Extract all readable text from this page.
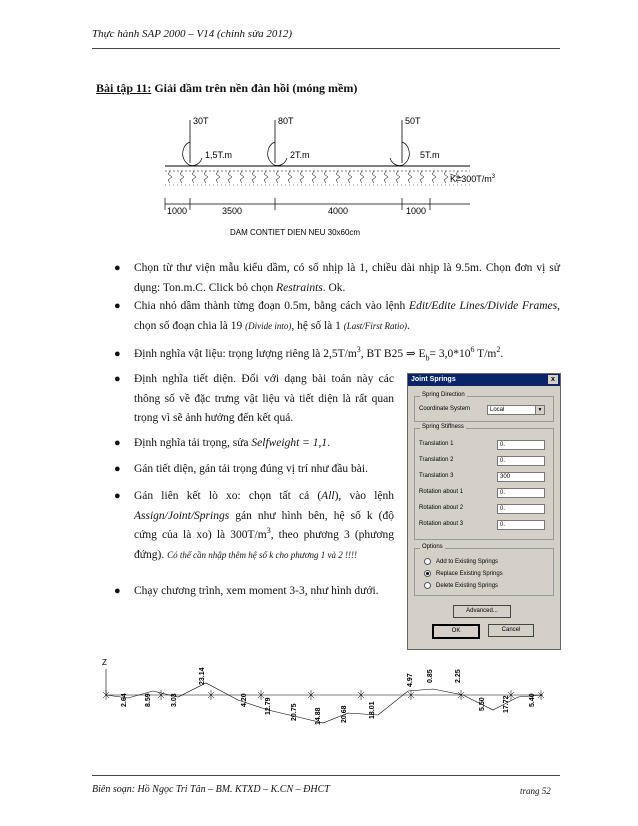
Thực hành SAP 2000 – V14 (chỉnh sửa 2012)
Bài tập 11: Giải dầm trên nền đàn hồi (móng mềm)
30T	80T	50T
1,5T.m	2T.m	5T.m
$K=300T/m^3$
1000	3500	4000	1000
DAM CONTIET DIEN NEU 30x60cm
● Chọn từ thư viện mẫu kiểu dầm, có số nhịp là 1, chiều dài nhịp là 9.5m. Chọn đơn vị sử dụng: Ton.m.C. Click bỏ chọn Restraints. Ok.
● Chia nhỏ dầm thành từng đoạn 0.5m, bằng cách vào lệnh Edit/Edite Lines/Divide Frames, chọn số đoạn chia là 19 (Divide into), hệ số là 1 (Last/First Ratio).
● Định nghĩa vật liệu: trọng lượng riêng là $2,5T/m^3$, BT B25 ⇒ $E_b= 3,0*10^6$ $T/m^2$.
● Định nghĩa tiết diện. Đối với dạng bài toán này các thông số về đặc trưng vật liệu và tiết diện là rất quan trọng vì sẽ ảnh hưởng đến kết quả.
● Định nghĩa tải trọng, sửa Selfweight = 1,1.
● Gán tiết diện, gán tải trọng đúng vị trí như đầu bài.
● Gán liên kết lò xo: chọn tất cả (All), vào lệnh Assign/Joint/Springs gán như hình bên, hệ số k (độ cứng của là xo) là $300T/m^3$, theo phương 3 (phương đứng). Có thể cần nhập thêm hệ số k cho phương 1 và 2 !!!!
● Chạy chương trình, xem moment 3-3, như hình dưới.
Joint Springs	x
Spring Direction
Coordinate System	Local	▼
Spring Stiffness
Translation 1	0.
Translation 2	0.
Translation 3	300
Rotation about 1	0.
Rotation about 2	0.
Rotation about 3	0.
Options
Add to Existing Springs
Replace Existing Springs
Delete Existing Springs
Advanced...
OK	Cancel
Z
2.64 8.59	3.03
23.14
4.20 12.79	20.75 14.88	20.68	18.01
4.97 0.85	2.25
5.50 17.72	5.40
Biên soạn: Hồ Ngọc Tri Tân – BM. KTXD – K.CN – ĐHCT	trang 52
